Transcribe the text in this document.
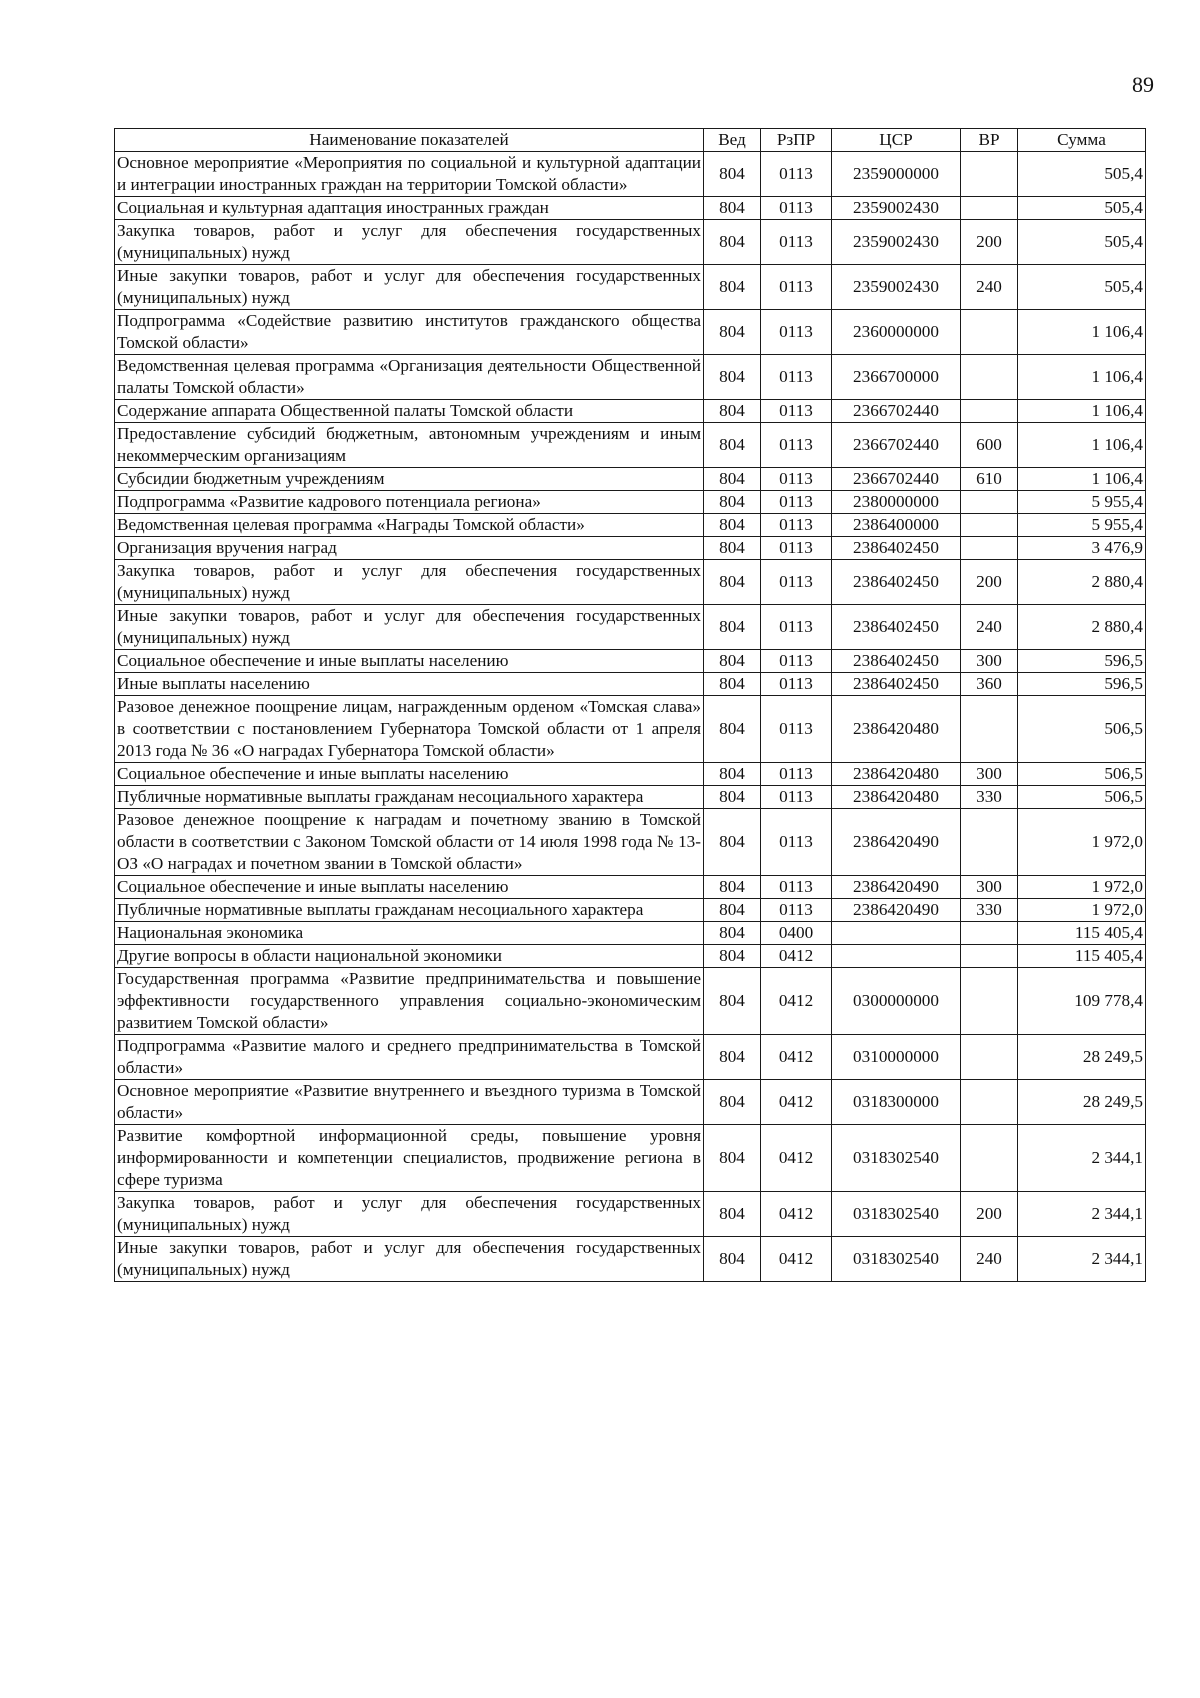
89
Наименование показателей	Вед	РзПР	ЦСР	ВР	Сумма
Основное мероприятие «Мероприятия по социальной и культурной адаптации и интеграции иностранных граждан на территории Томской области»	804	0113	2359000000		505,4
Социальная и культурная адаптация иностранных граждан	804	0113	2359002430		505,4
Закупка товаров, работ и услуг для обеспечения государственных (муниципальных) нужд	804	0113	2359002430	200	505,4
Иные закупки товаров, работ и услуг для обеспечения государственных (муниципальных) нужд	804	0113	2359002430	240	505,4
Подпрограмма «Содействие развитию институтов гражданского общества Томской области»	804	0113	2360000000		1 106,4
Ведомственная целевая программа «Организация деятельности Общественной палаты Томской области»	804	0113	2366700000		1 106,4
Содержание аппарата Общественной палаты Томской области	804	0113	2366702440		1 106,4
Предоставление субсидий бюджетным, автономным учреждениям и иным некоммерческим организациям	804	0113	2366702440	600	1 106,4
Субсидии бюджетным учреждениям	804	0113	2366702440	610	1 106,4
Подпрограмма «Развитие кадрового потенциала региона»	804	0113	2380000000		5 955,4
Ведомственная целевая программа «Награды Томской области»	804	0113	2386400000		5 955,4
Организация вручения наград	804	0113	2386402450		3 476,9
Закупка товаров, работ и услуг для обеспечения государственных (муниципальных) нужд	804	0113	2386402450	200	2 880,4
Иные закупки товаров, работ и услуг для обеспечения государственных (муниципальных) нужд	804	0113	2386402450	240	2 880,4
Социальное обеспечение и иные выплаты населению	804	0113	2386402450	300	596,5
Иные выплаты населению	804	0113	2386402450	360	596,5
Разовое денежное поощрение лицам, награжденным орденом «Томская слава» в соответствии с постановлением Губернатора Томской области от 1 апреля 2013 года № 36 «О наградах Губернатора Томской области»	804	0113	2386420480		506,5
Социальное обеспечение и иные выплаты населению	804	0113	2386420480	300	506,5
Публичные нормативные выплаты гражданам несоциального характера	804	0113	2386420480	330	506,5
Разовое денежное поощрение к наградам и почетному званию в Томской области в соответствии с Законом Томской области от 14 июля 1998 года № 13-ОЗ «О наградах и почетном звании в Томской области»	804	0113	2386420490		1 972,0
Социальное обеспечение и иные выплаты населению	804	0113	2386420490	300	1 972,0
Публичные нормативные выплаты гражданам несоциального характера	804	0113	2386420490	330	1 972,0
Национальная экономика	804	0400			115 405,4
Другие вопросы в области национальной экономики	804	0412			115 405,4
Государственная программа «Развитие предпринимательства и повышение эффективности государственного управления социально-экономическим развитием Томской области»	804	0412	0300000000		109 778,4
Подпрограмма «Развитие малого и среднего предпринимательства в Томской области»	804	0412	0310000000		28 249,5
Основное мероприятие «Развитие внутреннего и въездного туризма в Томской области»	804	0412	0318300000		28 249,5
Развитие комфортной информационной среды, повышение уровня информированности и компетенции специалистов, продвижение региона в сфере туризма	804	0412	0318302540		2 344,1
Закупка товаров, работ и услуг для обеспечения государственных (муниципальных) нужд	804	0412	0318302540	200	2 344,1
Иные закупки товаров, работ и услуг для обеспечения государственных (муниципальных) нужд	804	0412	0318302540	240	2 344,1
